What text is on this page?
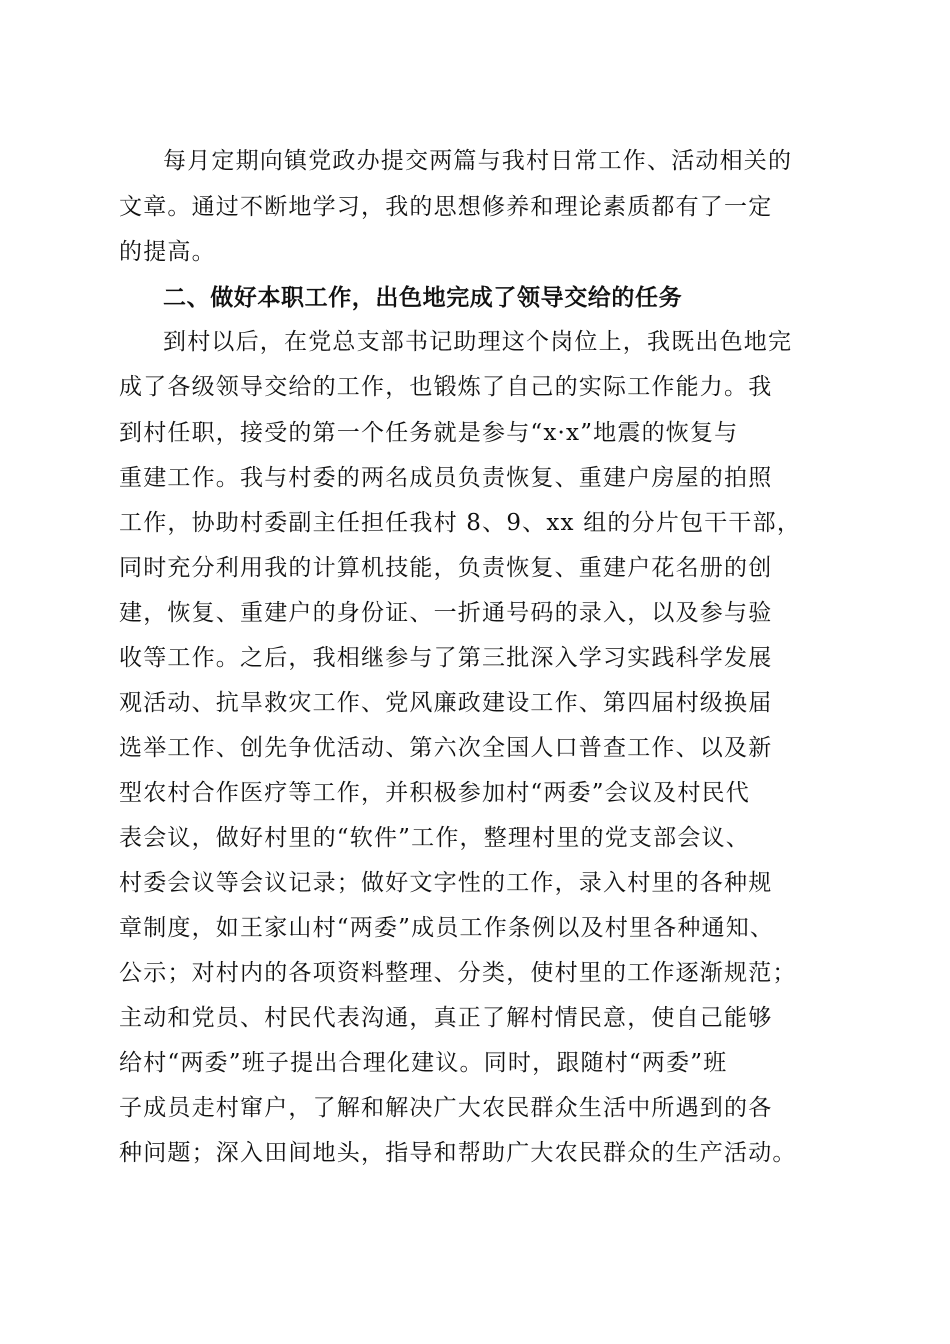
每月定期向镇党政办提交两篇与我村日常工作、活动相关的
文章。通过不断地学习，我的思想修养和理论素质都有了一定
的提高。
二、做好本职工作，出色地完成了领导交给的任务
到村以后，在党总支部书记助理这个岗位上，我既出色地完
成了各级领导交给的工作，也锻炼了自己的实际工作能力。我
到村任职，接受的第一个任务就是参与“x·x”地震的恢复与
重建工作。我与村委的两名成员负责恢复、重建户房屋的拍照
工作，协助村委副主任担任我村 8、9、xx 组的分片包干干部，
同时充分利用我的计算机技能，负责恢复、重建户花名册的创
建，恢复、重建户的身份证、一折通号码的录入，以及参与验
收等工作。之后，我相继参与了第三批深入学习实践科学发展
观活动、抗旱救灾工作、党风廉政建设工作、第四届村级换届
选举工作、创先争优活动、第六次全国人口普查工作、以及新
型农村合作医疗等工作，并积极参加村“两委”会议及村民代
表会议，做好村里的“软件”工作，整理村里的党支部会议、
村委会议等会议记录；做好文字性的工作，录入村里的各种规
章制度，如王家山村“两委”成员工作条例以及村里各种通知、
公示；对村内的各项资料整理、分类，使村里的工作逐渐规范；
主动和党员、村民代表沟通，真正了解村情民意，使自己能够
给村“两委”班子提出合理化建议。同时，跟随村“两委”班
子成员走村窜户，了解和解决广大农民群众生活中所遇到的各
种问题；深入田间地头，指导和帮助广大农民群众的生产活动。
